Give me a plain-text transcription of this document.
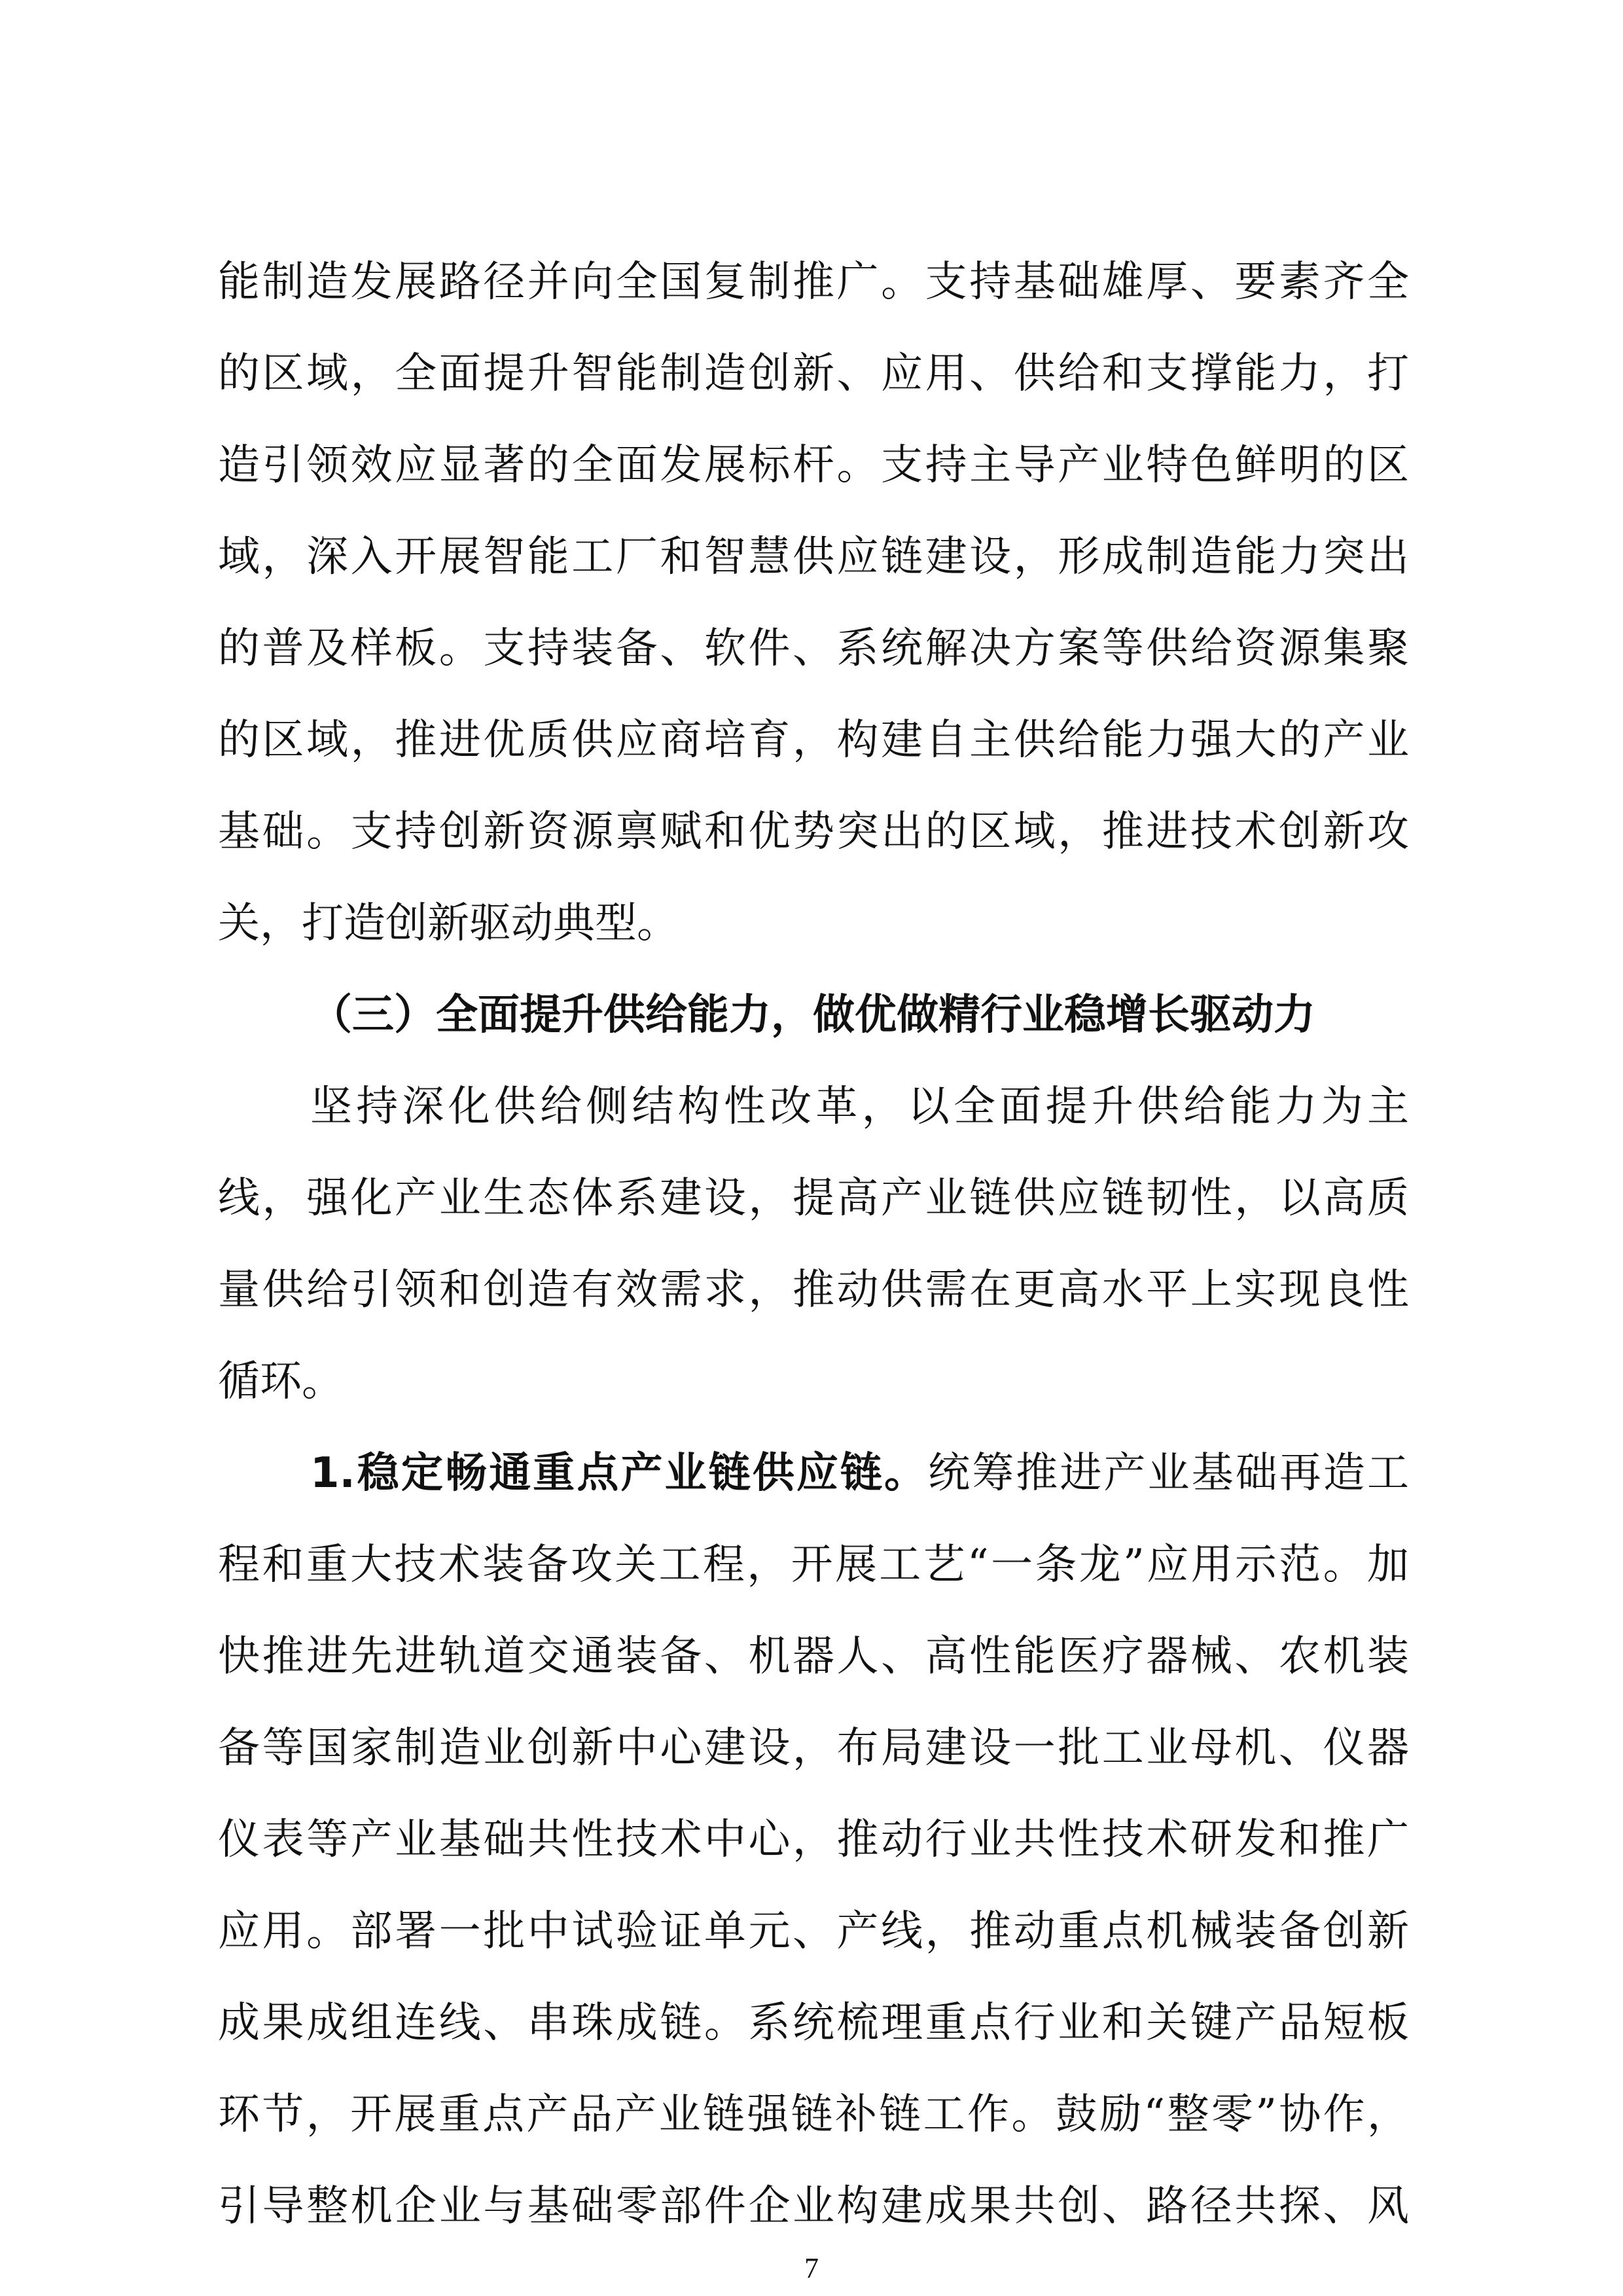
能制造发展路径并向全国复制推广。支持基础雄厚、要素齐全
的区域，全面提升智能制造创新、应用、供给和支撑能力，打
造引领效应显著的全面发展标杆。支持主导产业特色鲜明的区
域，深入开展智能工厂和智慧供应链建设，形成制造能力突出
的普及样板。支持装备、软件、系统解决方案等供给资源集聚
的区域，推进优质供应商培育，构建自主供给能力强大的产业
基础。支持创新资源禀赋和优势突出的区域，推进技术创新攻
关，打造创新驱动典型。
（三）全面提升供给能力，做优做精行业稳增长驱动力
坚持深化供给侧结构性改革，以全面提升供给能力为主
线，强化产业生态体系建设，提高产业链供应链韧性，以高质
量供给引领和创造有效需求，推动供需在更高水平上实现良性
循环。
1.稳定畅通重点产业链供应链。统筹推进产业基础再造工
程和重大技术装备攻关工程，开展工艺“一条龙”应用示范。加
快推进先进轨道交通装备、机器人、高性能医疗器械、农机装
备等国家制造业创新中心建设，布局建设一批工业母机、仪器
仪表等产业基础共性技术中心，推动行业共性技术研发和推广
应用。部署一批中试验证单元、产线，推动重点机械装备创新
成果成组连线、串珠成链。系统梳理重点行业和关键产品短板
环节，开展重点产品产业链强链补链工作。鼓励“整零”协作，
引导整机企业与基础零部件企业构建成果共创、路径共探、风
7
